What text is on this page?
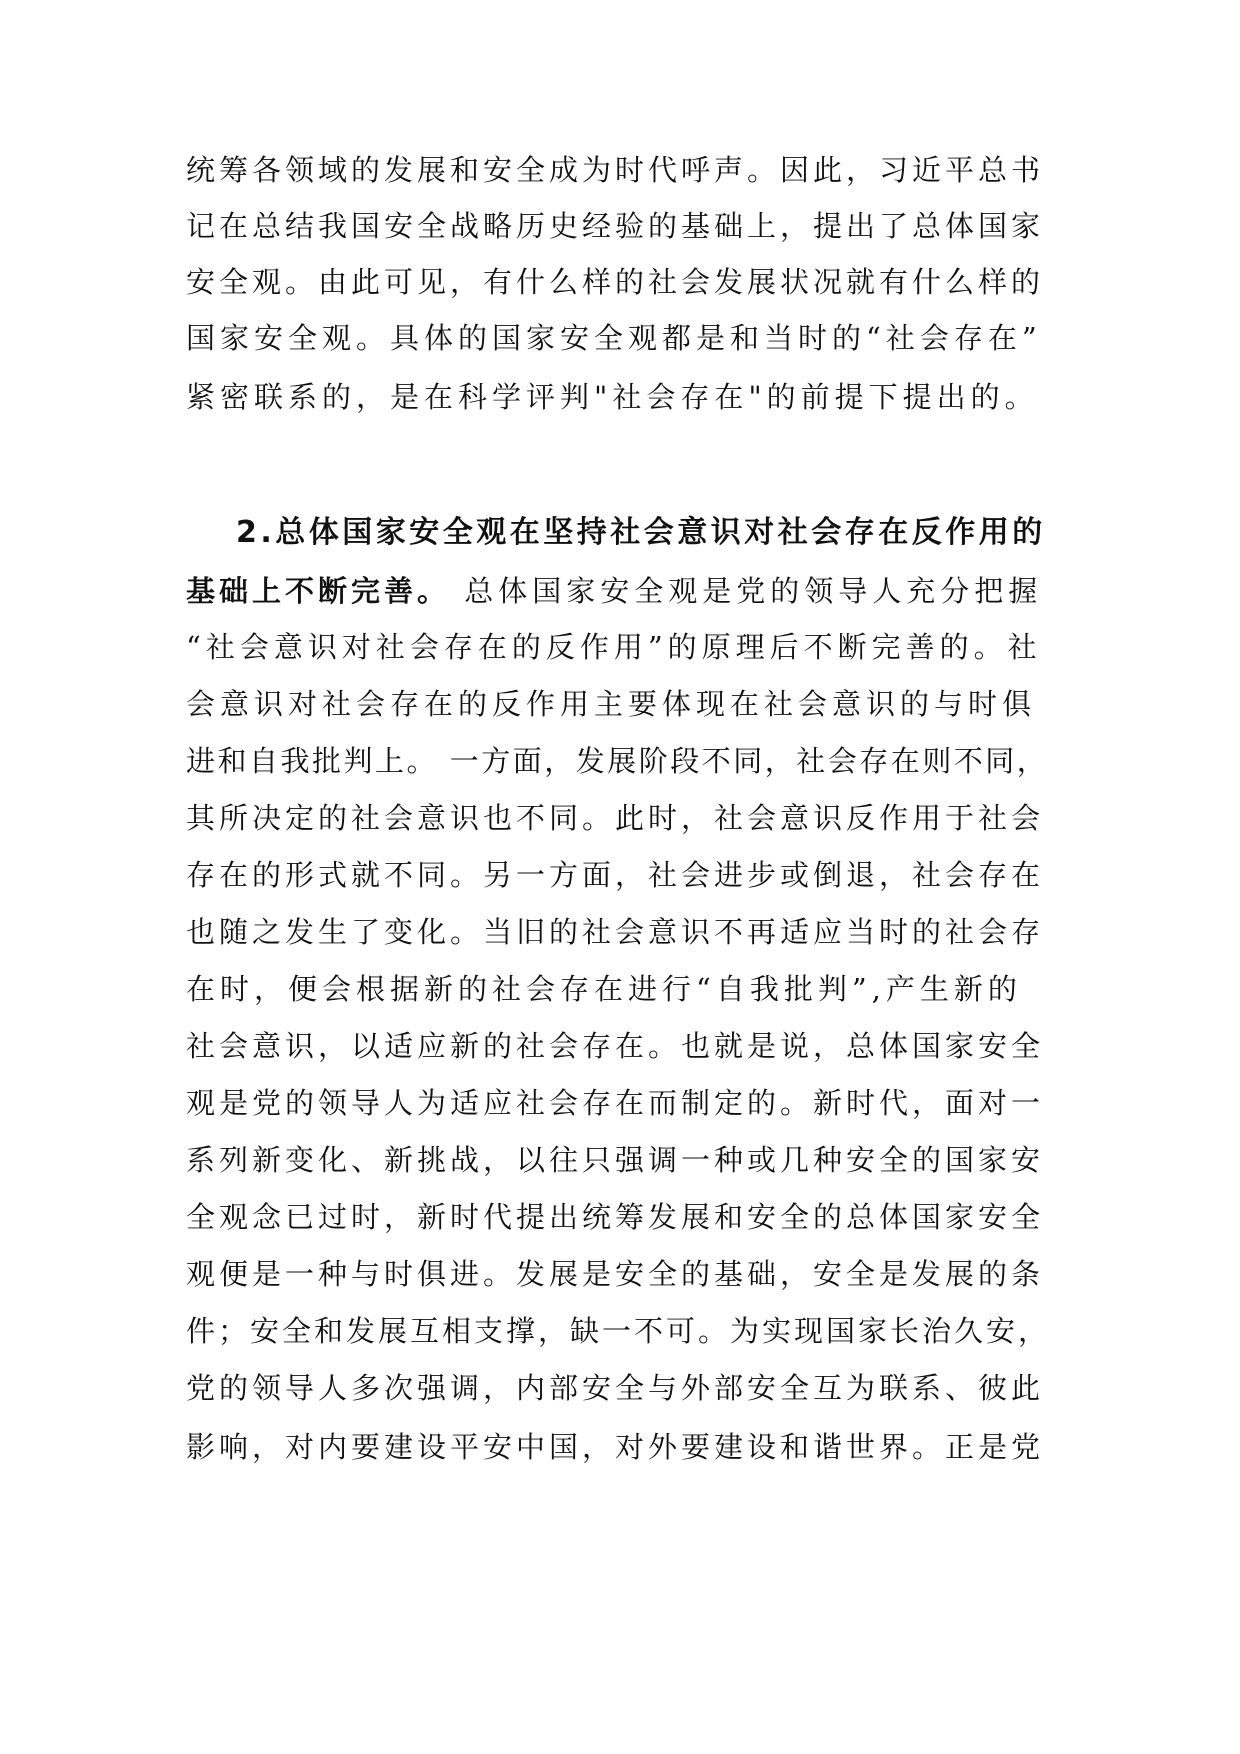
统筹各领域的发展和安全成为时代呼声。因此，习近平总书
记在总结我国安全战略历史经验的基础上，提出了总体国家
安全观。由此可见，有什么样的社会发展状况就有什么样的
国家安全观。具体的国家安全观都是和当时的“社会存在”
紧密联系的，是在科学评判"社会存在"的前提下提出的。
2.总体国家安全观在坚持社会意识对社会存在反作用的
基础上不断完善。 总体国家安全观是党的领导人充分把握
“社会意识对社会存在的反作用”的原理后不断完善的。社
会意识对社会存在的反作用主要体现在社会意识的与时俱
进和自我批判上。 一方面，发展阶段不同，社会存在则不同，
其所决定的社会意识也不同。此时，社会意识反作用于社会
存在的形式就不同。另一方面，社会进步或倒退，社会存在
也随之发生了变化。当旧的社会意识不再适应当时的社会存
在时，便会根据新的社会存在进行“自我批判”,产生新的
社会意识，以适应新的社会存在。也就是说，总体国家安全
观是党的领导人为适应社会存在而制定的。新时代，面对一
系列新变化、新挑战，以往只强调一种或几种安全的国家安
全观念已过时，新时代提出统筹发展和安全的总体国家安全
观便是一种与时俱进。发展是安全的基础，安全是发展的条
件；安全和发展互相支撑，缺一不可。为实现国家长治久安，
党的领导人多次强调，内部安全与外部安全互为联系、彼此
影响，对内要建设平安中国，对外要建设和谐世界。正是党
